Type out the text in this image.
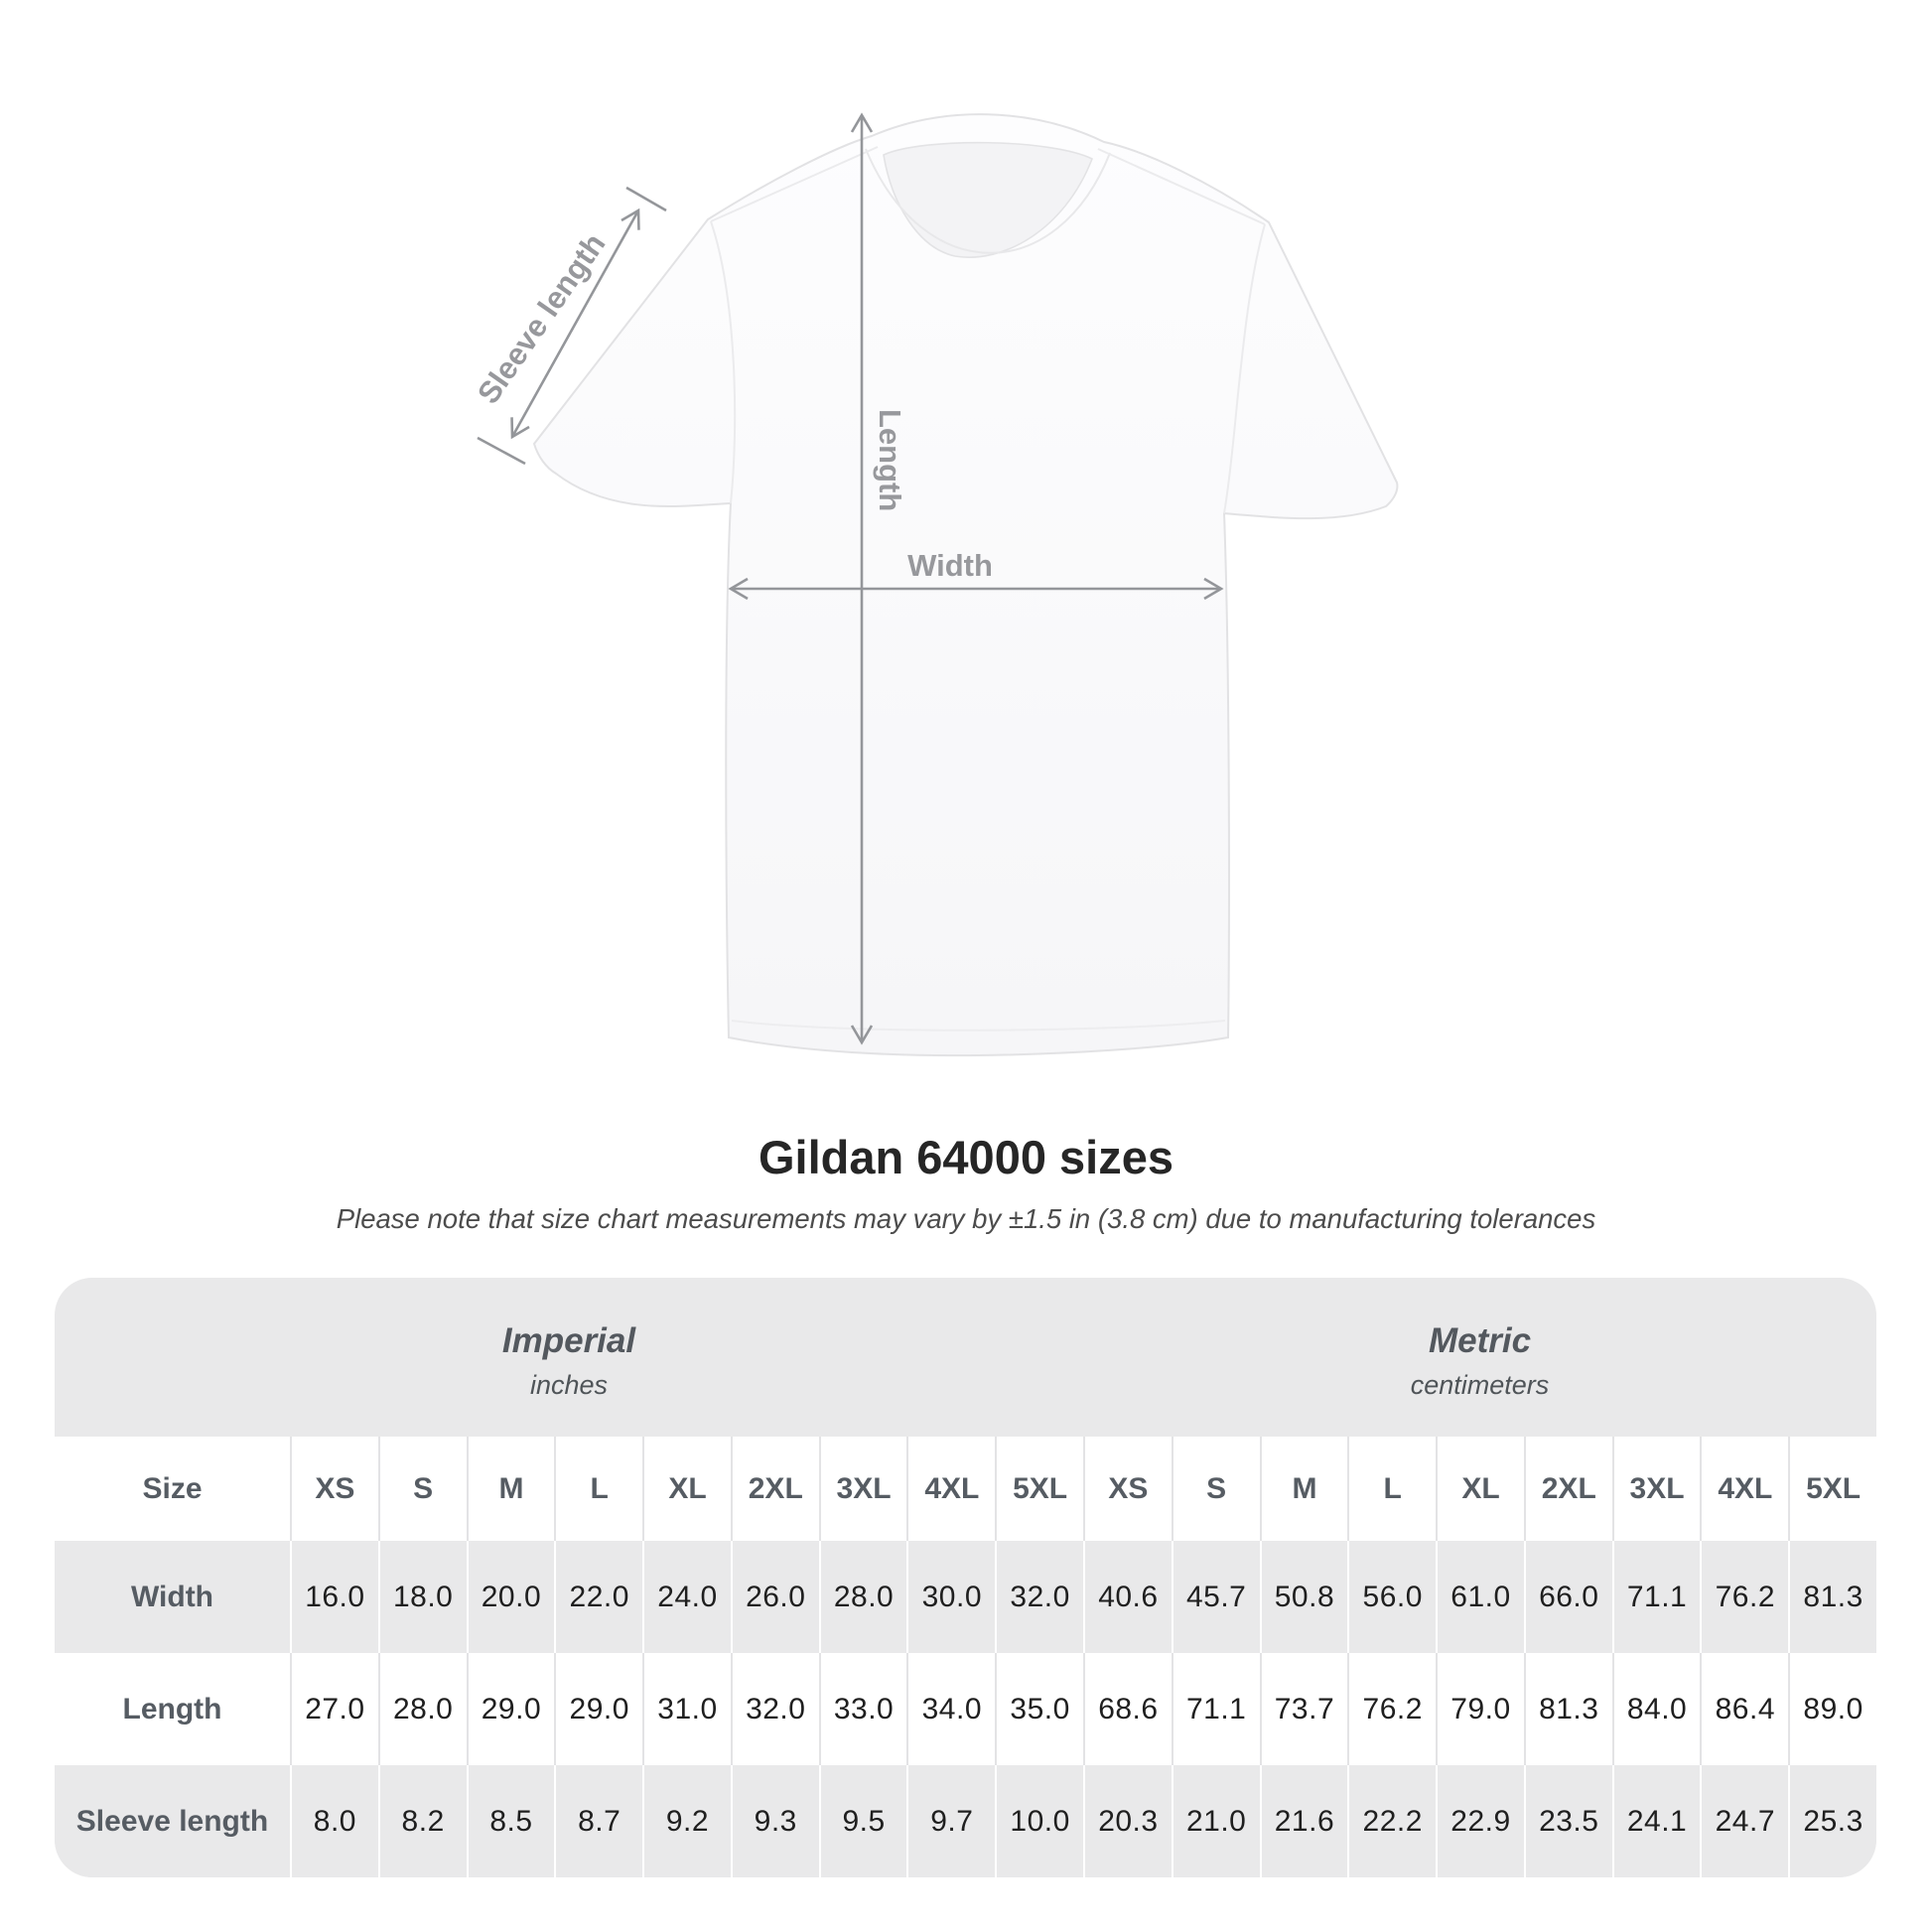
Width
Length
Sleeve length
Gildan 64000 sizes

Please note that size chart measurements may vary by ±1.5 in (3.8 cm) due to manufacturing tolerances

Imperial
inches
Metric
centimeters
Size	XS	S	M	L	XL	2XL	3XL	4XL	5XL	XS	S	M	L	XL	2XL	3XL	4XL	5XL
Width	16.0 18.0 20.0 22.0 24.0 26.0 28.0 30.0 32.0 40.6 45.7 50.8 56.0 61.0 66.0 71.1 76.2 81.3
Length	27.0 28.0 29.0 29.0 31.0 32.0 33.0 34.0 35.0 68.6 71.1 73.7 76.2 79.0 81.3 84.0 86.4 89.0
Sleeve length	8.0	8.2	8.5	8.7	9.2	9.3	9.5	9.7	10.0 20.3 21.0 21.6 22.2 22.9 23.5 24.1 24.7 25.3
